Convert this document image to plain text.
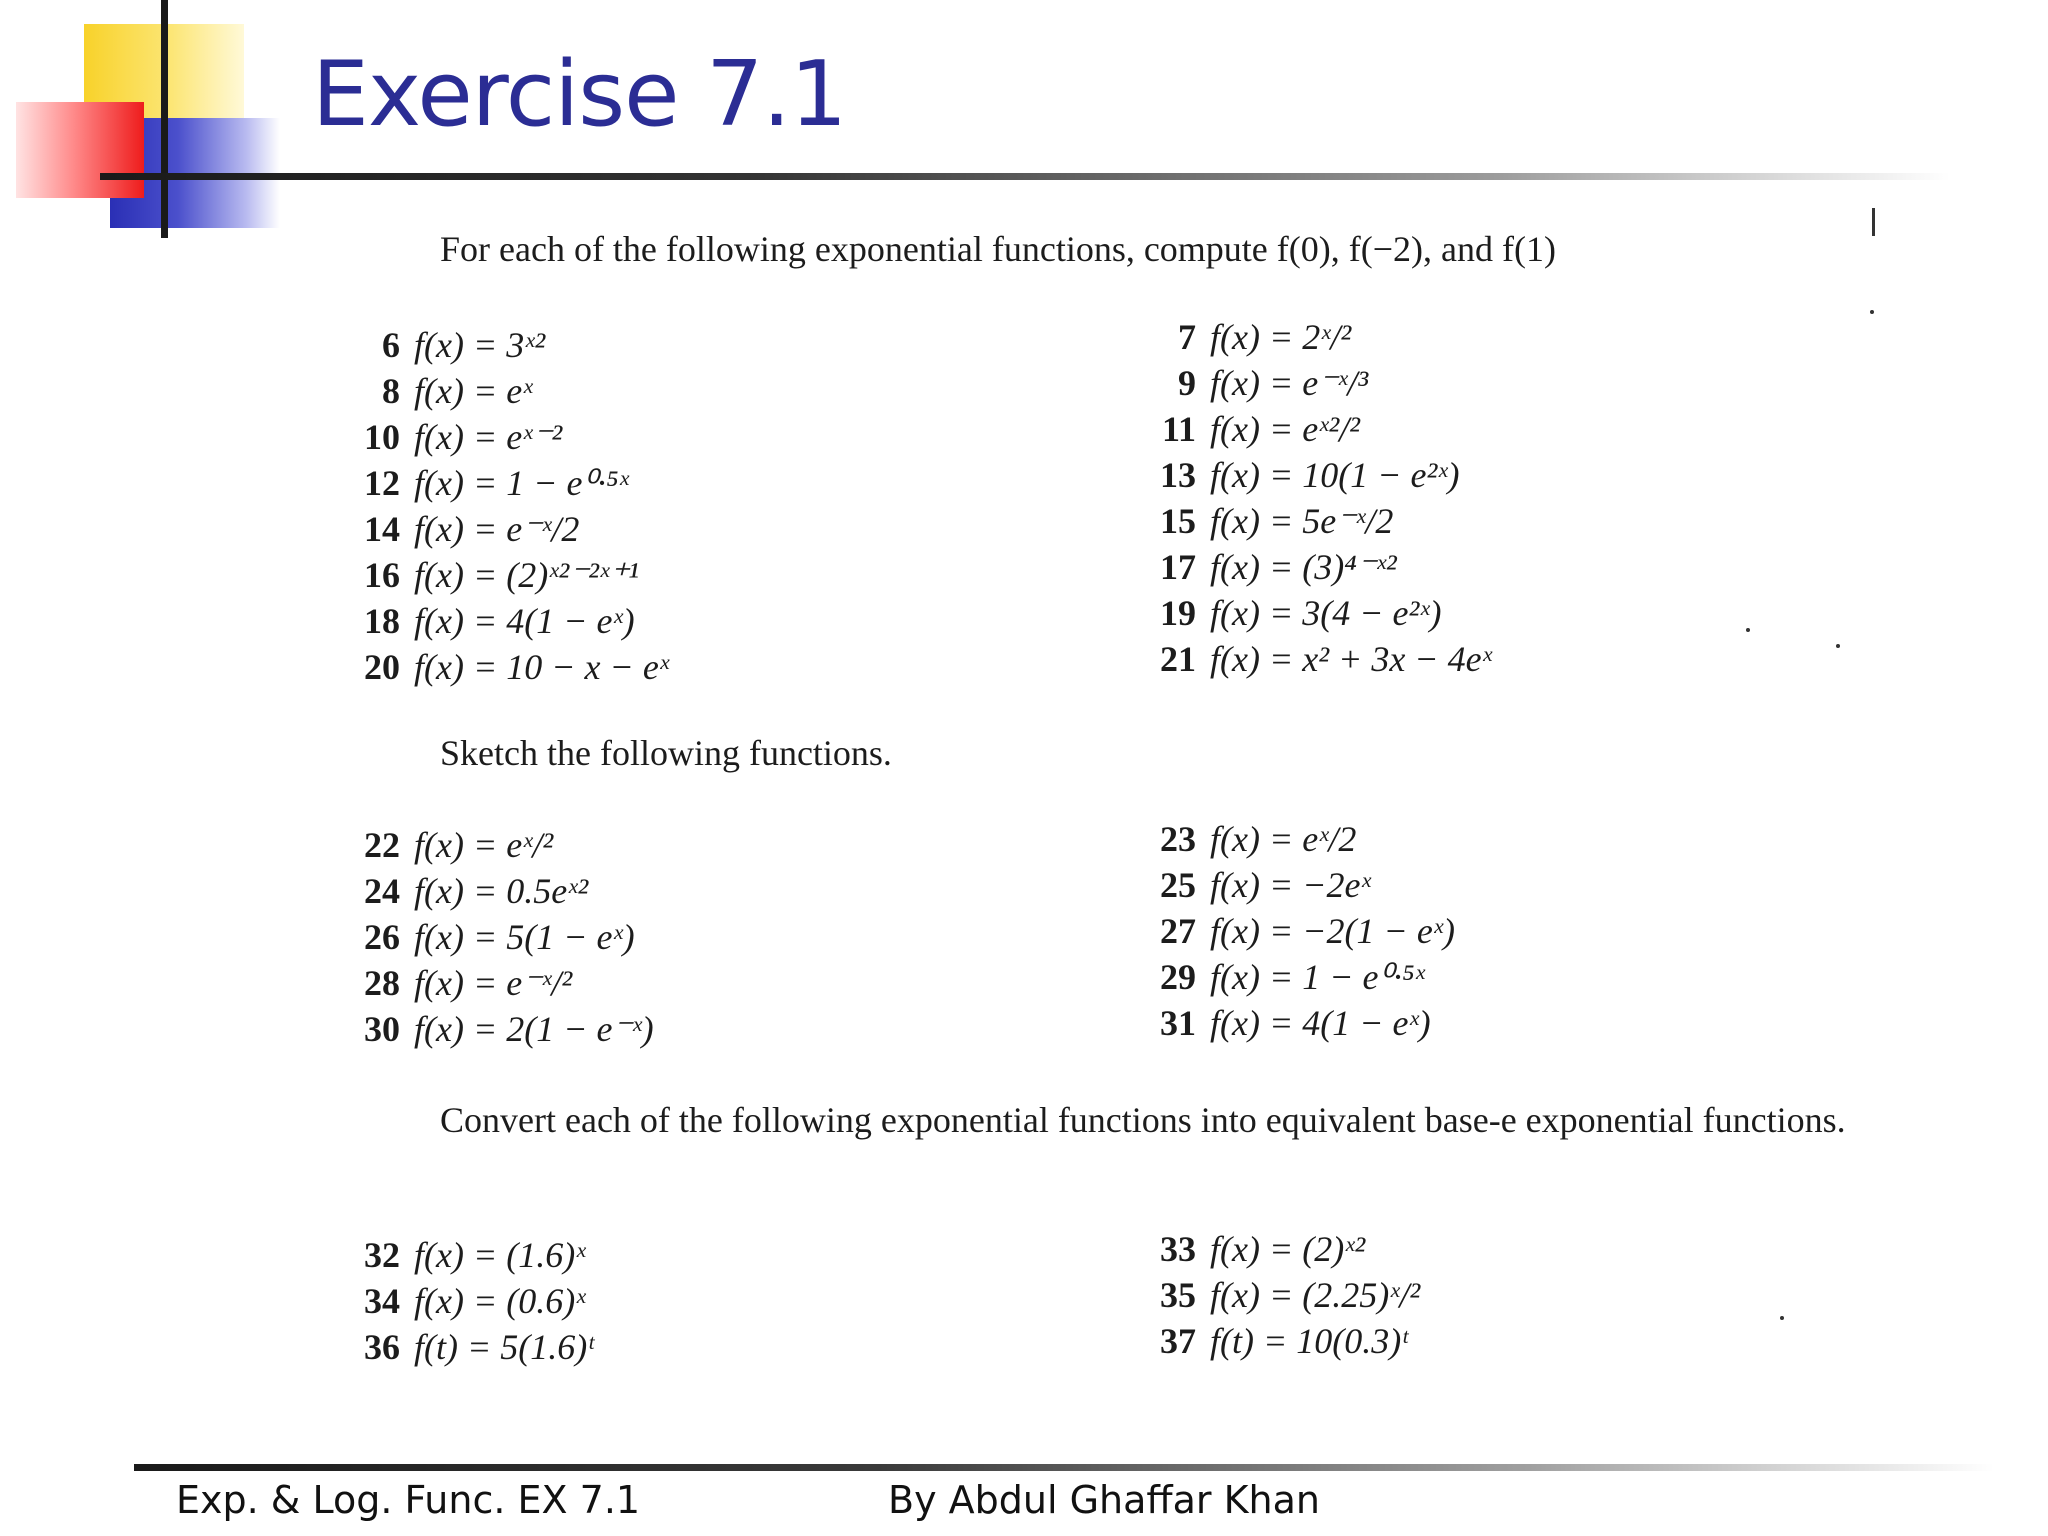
Exercise 7.1

For each of the following exponential functions, compute f(0), f(−2), and f(1)

6 f(x) = 3ˣ²
8 f(x) = eˣ
10 f(x) = eˣ⁻²
12 f(x) = 1 − e⁰·⁵ˣ
14 f(x) = e⁻ˣ/2
16 f(x) = (2)ˣ²⁻²ˣ⁺¹
18 f(x) = 4(1 − eˣ)
20 f(x) = 10 − x − eˣ
7 f(x) = 2ˣ/²
9 f(x) = e⁻ˣ/³
11 f(x) = eˣ²/²
13 f(x) = 10(1 − e²ˣ)
15 f(x) = 5e⁻ˣ/2
17 f(x) = (3)⁴⁻ˣ²
19 f(x) = 3(4 − e²ˣ)
21 f(x) = x² + 3x − 4eˣ

Sketch the following functions.

22 f(x) = eˣ/²
24 f(x) = 0.5eˣ²
26 f(x) = 5(1 − eˣ)
28 f(x) = e⁻ˣ/²
30 f(x) = 2(1 − e⁻ˣ)
23 f(x) = eˣ/2
25 f(x) = −2eˣ
27 f(x) = −2(1 − eˣ)
29 f(x) = 1 − e⁰·⁵ˣ
31 f(x) = 4(1 − eˣ)

Convert each of the following exponential functions into equivalent base-e exponential functions.

32 f(x) = (1.6)ˣ
34 f(x) = (0.6)ˣ
36 f(t) = 5(1.6)ᵗ
33 f(x) = (2)ˣ²
35 f(x) = (2.25)ˣ/²
37 f(t) = 10(0.3)ᵗ

Exp. & Log. Func. EX 7.1	By Abdul Ghaffar Khan
